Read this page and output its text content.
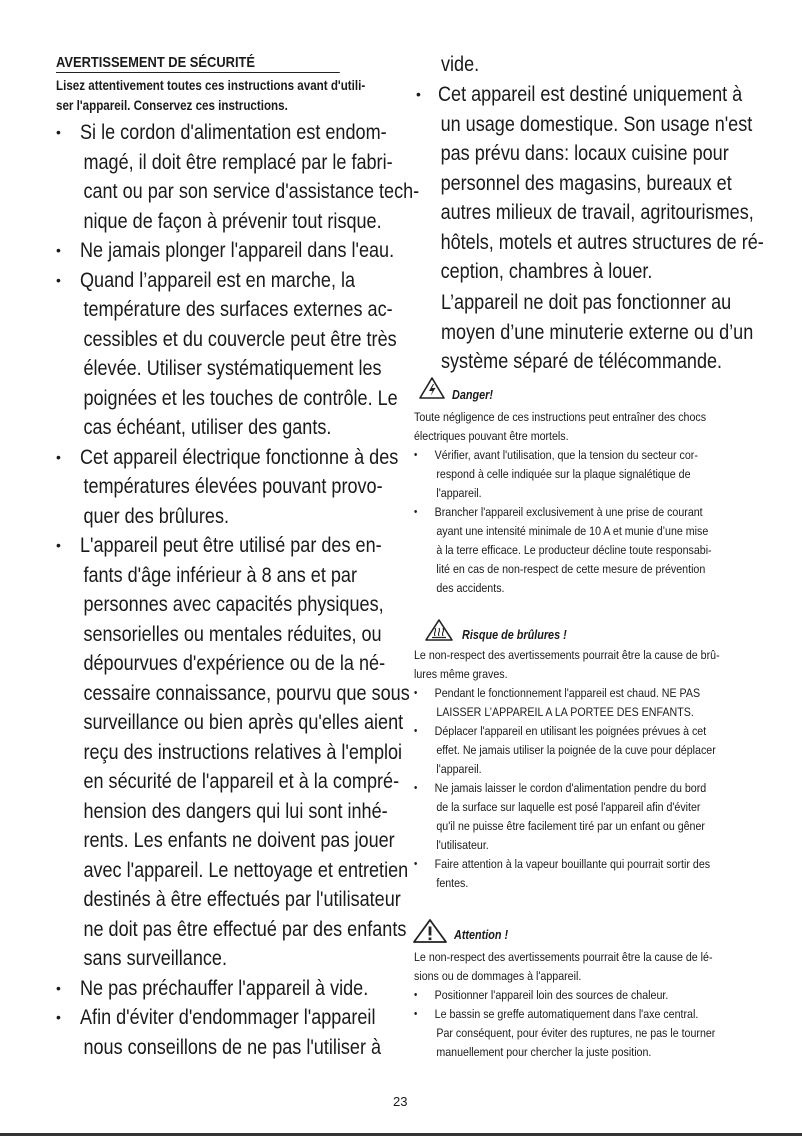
AVERTISSEMENT DE SÉCURITÉ
Lisez attentivement toutes ces instructions avant d'utili-
ser l'appareil. Conservez ces instructions.
• Si le cordon d'alimentation est endom-
magé, il doit être remplacé par le fabri-
cant ou par son service d'assistance tech-
nique de façon à prévenir tout risque.
• Ne jamais plonger l'appareil dans l'eau.
• Quand l’appareil est en marche, la
température des surfaces externes ac-
cessibles et du couvercle peut être très
élevée. Utiliser systématiquement les
poignées et les touches de contrôle. Le
cas échéant, utiliser des gants.
• Cet appareil électrique fonctionne à des
températures élevées pouvant provo-
quer des brûlures.
• L'appareil peut être utilisé par des en-
fants d'âge inférieur à 8 ans et par
personnes avec capacités physiques,
sensorielles ou mentales réduites, ou
dépourvues d'expérience ou de la né-
cessaire connaissance, pourvu que sous
surveillance ou bien après qu'elles aient
reçu des instructions relatives à l'emploi
en sécurité de l'appareil et à la compré-
hension des dangers qui lui sont inhé-
rents. Les enfants ne doivent pas jouer
avec l'appareil. Le nettoyage et entretien
destinés à être effectués par l'utilisateur
ne doit pas être effectué par des enfants
sans surveillance.
• Ne pas préchauffer l'appareil à vide.
• Afin d'éviter d'endommager l'appareil
nous conseillons de ne pas l'utiliser à
vide.
• Cet appareil est destiné uniquement à
un usage domestique. Son usage n'est
pas prévu dans: locaux cuisine pour
personnel des magasins, bureaux et
autres milieux de travail, agritourismes,
hôtels, motels et autres structures de ré-
ception, chambres à louer.
L’appareil ne doit pas fonctionner au
moyen d’une minuterie externe ou d’un
système séparé de télécommande.
Danger!
Toute négligence de ces instructions peut entraîner des chocs
électriques pouvant être mortels.
• Vérifier, avant l'utilisation, que la tension du secteur cor-
respond à celle indiquée sur la plaque signalétique de
l'appareil.
• Brancher l'appareil exclusivement à une prise de courant
ayant une intensité minimale de 10 A et munie d’une mise
à la terre efficace. Le producteur décline toute responsabi-
lité en cas de non-respect de cette mesure de prévention
des accidents.
Risque de brûlures !
Le non-respect des avertissements pourrait être la cause de brû-
lures même graves.
• Pendant le fonctionnement l'appareil est chaud. NE PAS
LAISSER L’APPAREIL A LA PORTEE DES ENFANTS.
• Déplacer l'appareil en utilisant les poignées prévues à cet
effet. Ne jamais utiliser la poignée de la cuve pour déplacer
l'appareil.
• Ne jamais laisser le cordon d'alimentation pendre du bord
de la surface sur laquelle est posé l'appareil afin d'éviter
qu'il ne puisse être facilement tiré par un enfant ou gêner
l'utilisateur.
• Faire attention à la vapeur bouillante qui pourrait sortir des
fentes.
Attention !
Le non-respect des avertissements pourrait être la cause de lé-
sions ou de dommages à l'appareil.
• Positionner l'appareil loin des sources de chaleur.
• Le bassin se greffe automatiquement dans l'axe central.
Par conséquent, pour éviter des ruptures, ne pas le tourner
manuellement pour chercher la juste position.
23
